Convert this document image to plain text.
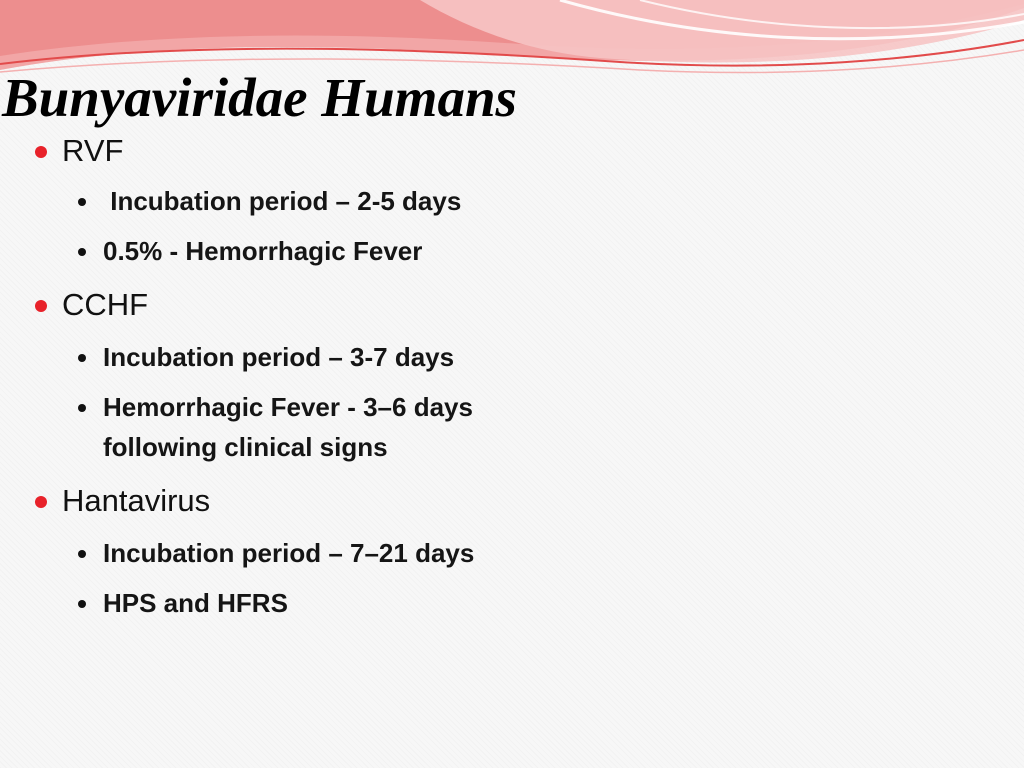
Bunyaviridae Humans
RVF
Incubation period – 2-5 days
0.5% - Hemorrhagic Fever
CCHF
Incubation period – 3-7 days
Hemorrhagic Fever - 3–6 days
following clinical signs
Hantavirus
Incubation period – 7–21 days
HPS and HFRS
